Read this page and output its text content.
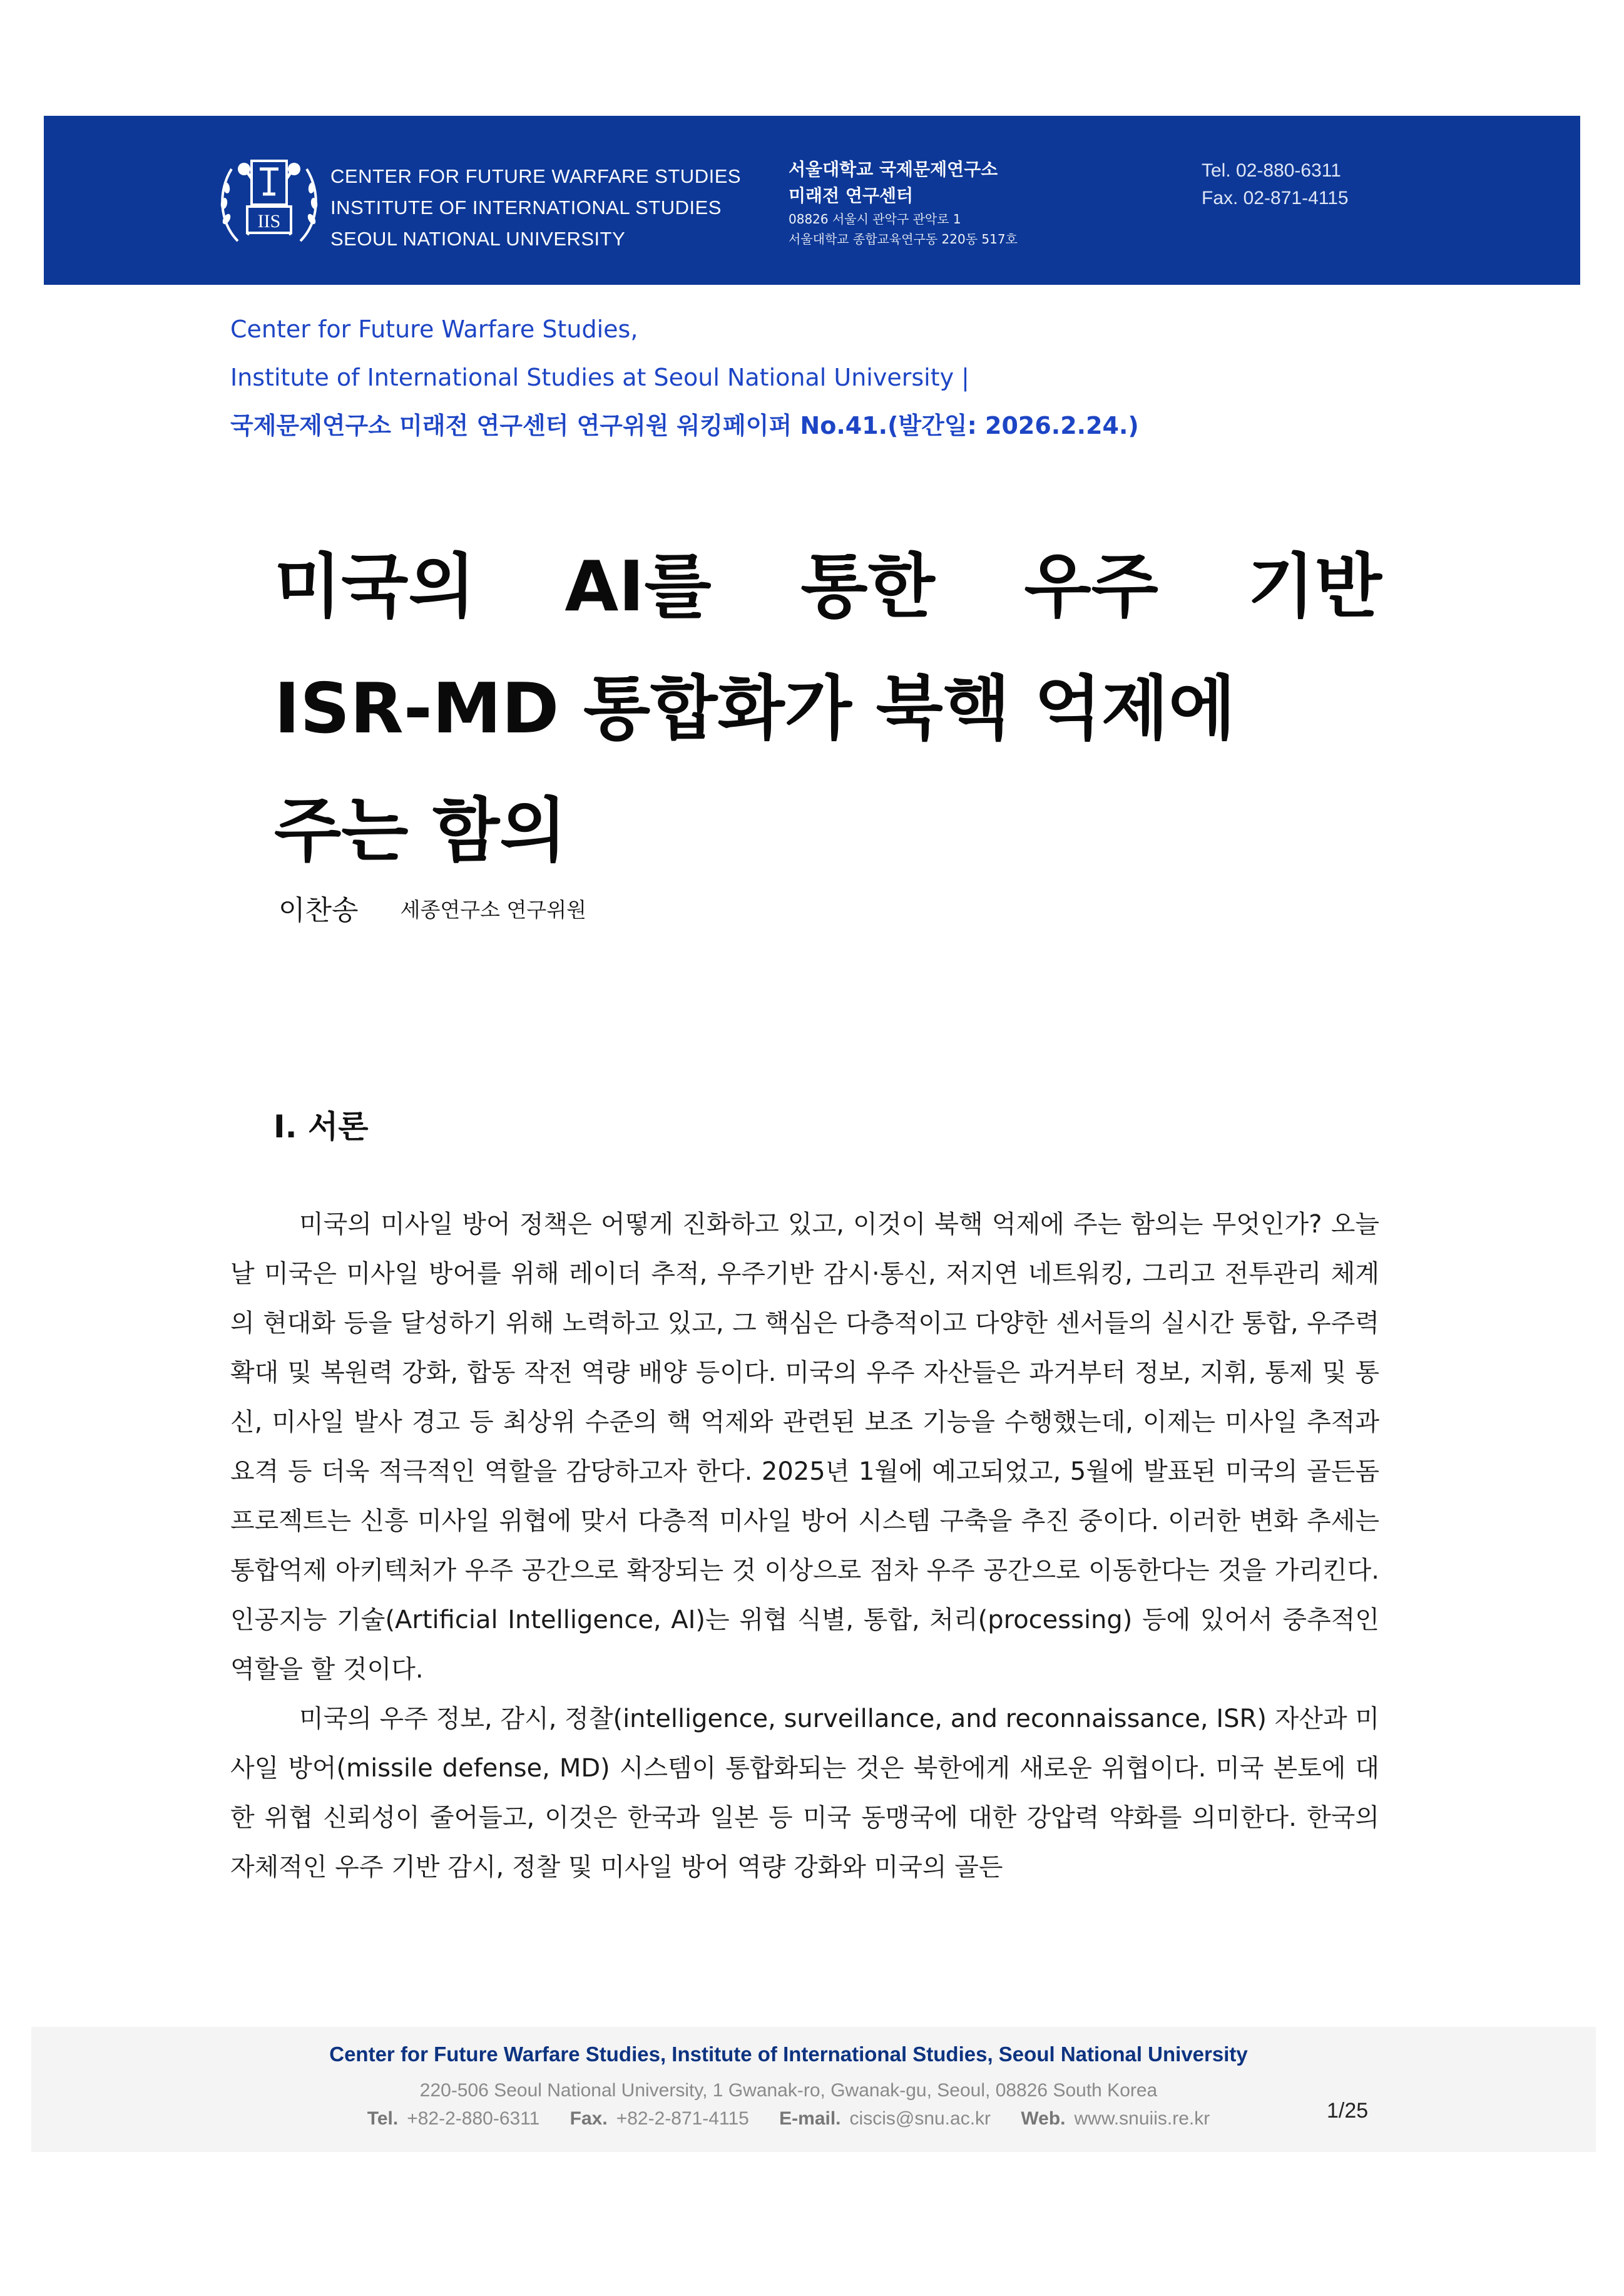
IIS
CENTER FOR FUTURE WARFARE STUDIES
INSTITUTE OF INTERNATIONAL STUDIES
SEOUL NATIONAL UNIVERSITY
서울대학교 국제문제연구소
미래전 연구센터
08826 서울시 관악구 관악로 1
서울대학교 종합교육연구동 220동 517호
Tel. 02-880-6311
Fax. 02-871-4115
Center for Future Warfare Studies,
Institute of International Studies at Seoul National University |
국제문제연구소 미래전 연구센터 연구위원 워킹페이퍼 No.41.(발간일: 2026.2.24.)
미국의 AI를 통한 우주 기반
ISR-MD 통합화가 북핵 억제에
주는 함의
이찬송 세종연구소 연구위원
I. 서론

미국의 미사일 방어 정책은 어떻게 진화하고 있고, 이것이 북핵 억제에 주는 함의는 무엇인가? 오늘날 미국은 미사일 방어를 위해 레이더 추적, 우주기반 감시·통신, 저지연 네트워킹, 그리고 전투관리 체계의 현대화 등을 달성하기 위해 노력하고 있고, 그 핵심은 다층적이고 다양한 센서들의 실시간 통합, 우주력 확대 및 복원력 강화, 합동 작전 역량 배양 등이다. 미국의 우주 자산들은 과거부터 정보, 지휘, 통제 및 통신, 미사일 발사 경고 등 최상위 수준의 핵 억제와 관련된 보조 기능을 수행했는데, 이제는 미사일 추적과 요격 등 더욱 적극적인 역할을 감당하고자 한다. 2025년 1월에 예고되었고, 5월에 발표된 미국의 골든돔 프로젝트는 신흥 미사일 위협에 맞서 다층적 미사일 방어 시스템 구축을 추진 중이다. 이러한 변화 추세는 통합억제 아키텍처가 우주 공간으로 확장되는 것 이상으로 점차 우주 공간으로 이동한다는 것을 가리킨다. 인공지능 기술(Artificial Intelligence, AI)는 위협 식별, 통합, 처리(processing) 등에 있어서 중추적인 역할을 할 것이다.

미국의 우주 정보, 감시, 정찰(intelligence, surveillance, and reconnaissance, ISR) 자산과 미사일 방어(missile defense, MD) 시스템이 통합화되는 것은 북한에게 새로운 위협이다. 미국 본토에 대한 위협 신뢰성이 줄어들고, 이것은 한국과 일본 등 미국 동맹국에 대한 강압력 약화를 의미한다. 한국의 자체적인 우주 기반 감시, 정찰 및 미사일 방어 역량 강화와 미국의 골든

Center for Future Warfare Studies, Institute of International Studies, Seoul National University
220-506 Seoul National University, 1 Gwanak-ro, Gwanak-gu, Seoul, 08826 South Korea
Tel. +82-2-880-6311 Fax. +82-2-871-4115 E-mail. ciscis@snu.ac.kr Web. www.snuiis.re.kr	1/25
